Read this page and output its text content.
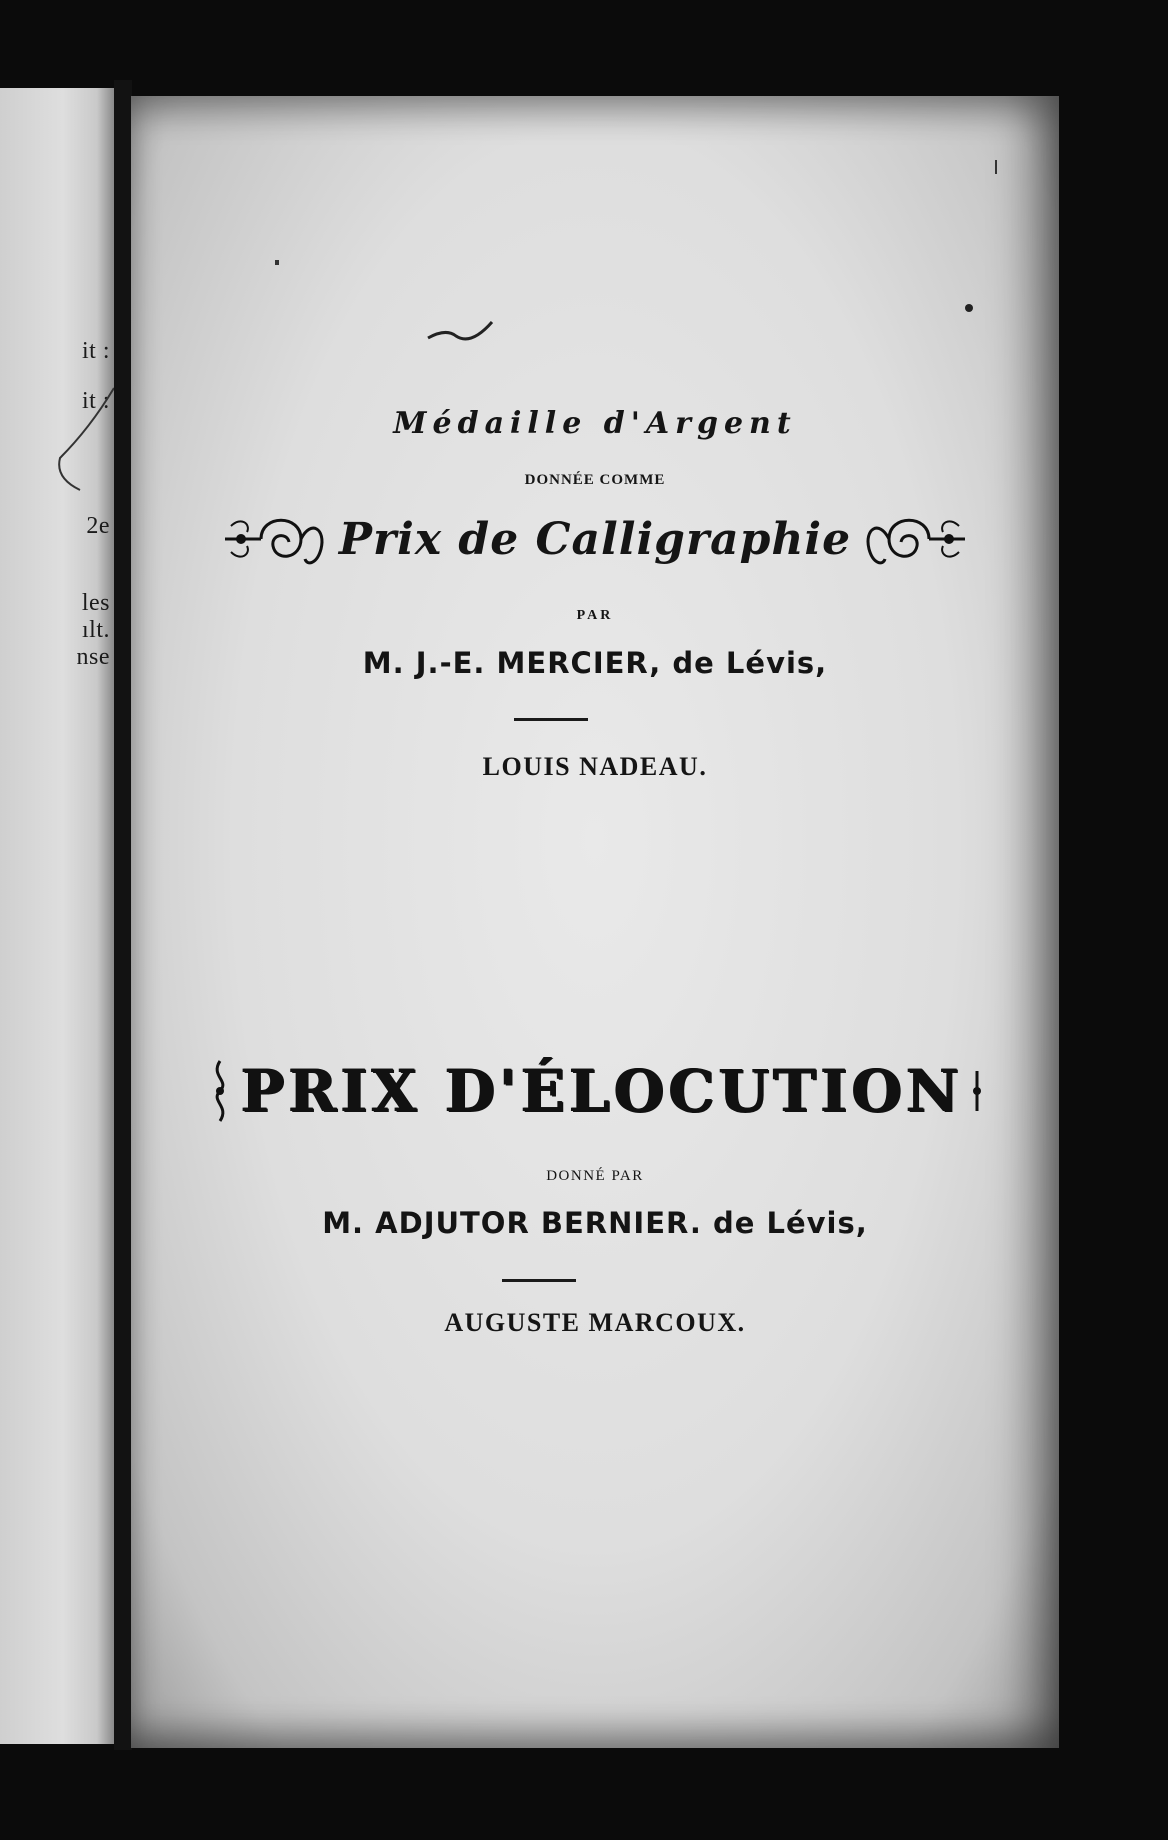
it :
it :
2e
les
ılt.
nse
Médaille d'Argent
DONNÉE COMME
Prix de Calligraphie
PAR
M. J.-E. MERCIER, de Lévis,
LOUIS NADEAU.
PRIX D'ÉLOCUTION
DONNÉ PAR
M. ADJUTOR BERNIER. de Lévis,
AUGUSTE MARCOUX.
